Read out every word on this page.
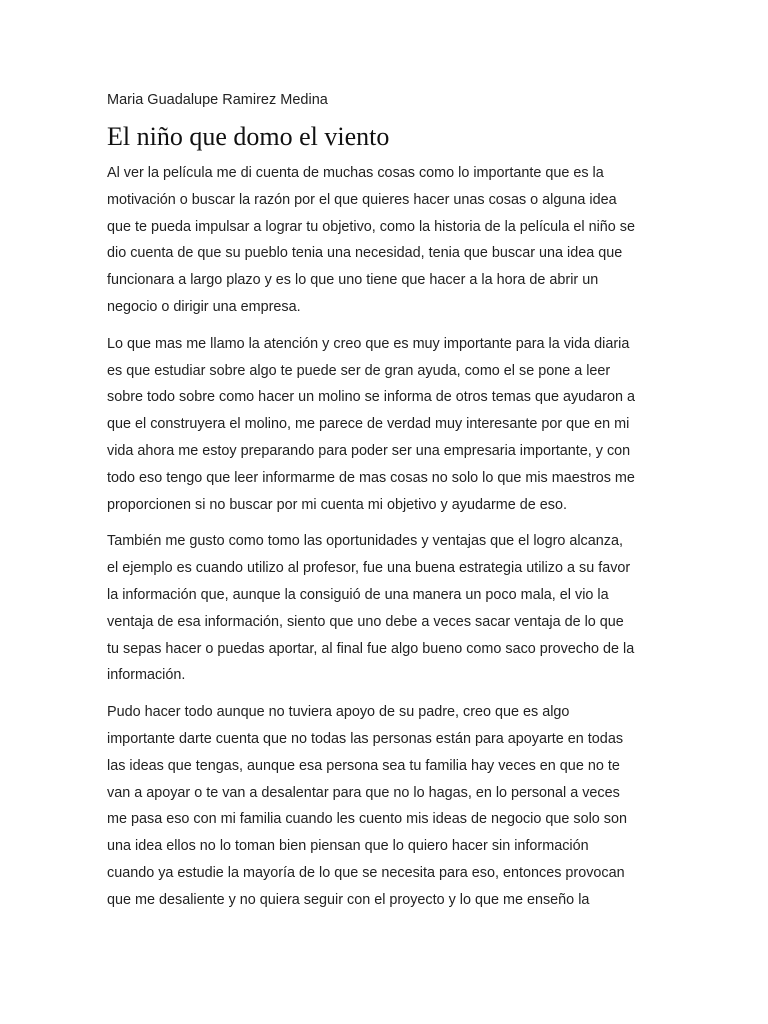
Maria Guadalupe Ramirez Medina
El niño que domo el viento

Al ver la película me di cuenta de muchas cosas como lo importante que es la
motivación o buscar la razón por el que quieres hacer unas cosas o alguna idea
que te pueda impulsar a lograr tu objetivo, como la historia de la película el niño se
dio cuenta de que su pueblo tenia una necesidad, tenia que buscar una idea que
funcionara a largo plazo y es lo que uno tiene que hacer a la hora de abrir un
negocio o dirigir una empresa.

Lo que mas me llamo la atención y creo que es muy importante para la vida diaria
es que estudiar sobre algo te puede ser de gran ayuda, como el se pone a leer
sobre todo sobre como hacer un molino se informa de otros temas que ayudaron a
que el construyera el molino, me parece de verdad muy interesante por que en mi
vida ahora me estoy preparando para poder ser una empresaria importante, y con
todo eso tengo que leer informarme de mas cosas no solo lo que mis maestros me
proporcionen si no buscar por mi cuenta mi objetivo y ayudarme de eso.

También me gusto como tomo las oportunidades y ventajas que el logro alcanza,
el ejemplo es cuando utilizo al profesor, fue una buena estrategia utilizo a su favor
la información que, aunque la consiguió de una manera un poco mala, el vio la
ventaja de esa información, siento que uno debe a veces sacar ventaja de lo que
tu sepas hacer o puedas aportar, al final fue algo bueno como saco provecho de la
información.

Pudo hacer todo aunque no tuviera apoyo de su padre, creo que es algo
importante darte cuenta que no todas las personas están para apoyarte en todas
las ideas que tengas, aunque esa persona sea tu familia hay veces en que no te
van a apoyar o te van a desalentar para que no lo hagas, en lo personal a veces
me pasa eso con mi familia cuando les cuento mis ideas de negocio que solo son
una idea ellos no lo toman bien piensan que lo quiero hacer sin información
cuando ya estudie la mayoría de lo que se necesita para eso, entonces provocan
que me desaliente y no quiera seguir con el proyecto y lo que me enseño la
